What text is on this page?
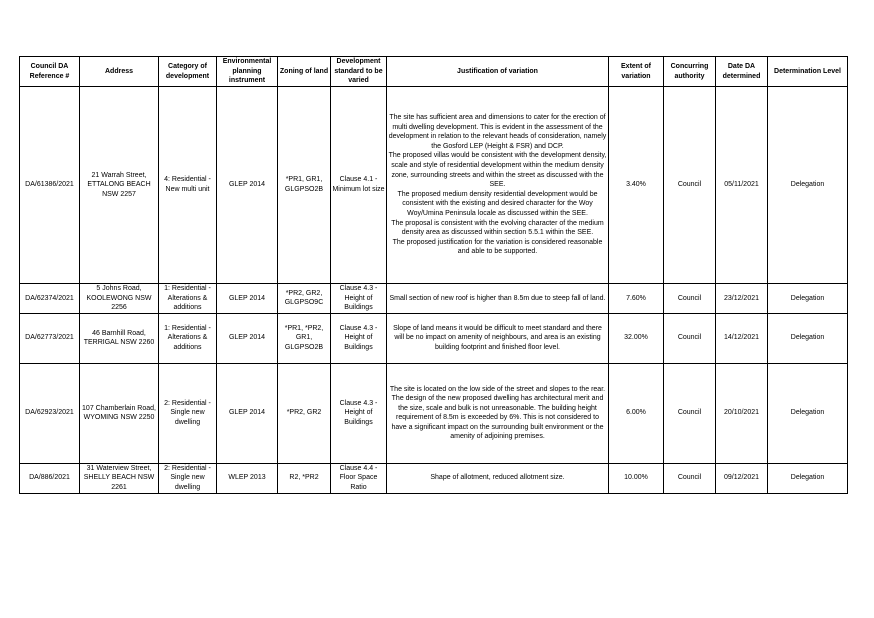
Council DA Reference #	Address	Category of development	Environmental planning instrument	Zoning of land	Development standard to be varied	Justification of variation	Extent of variation	Concurring authority	Date DA determined	Determination Level
DA/61386/2021	21 Warrah Street, ETTALONG BEACH NSW 2257	4: Residential - New multi unit	GLEP 2014	*PR1, GR1, GLGPSO2B	Clause 4.1 - Minimum lot size	The site has sufficient area and dimensions to cater for the erection of multi dwelling development. This is evident in the assessment of the development in relation to the relevant heads of consideration, namely the Gosford LEP (Height & FSR) and DCP.
The proposed villas would be consistent with the development density, scale and style of residential development within the medium density zone, surrounding streets and within the street as discussed with the SEE.
The proposed medium density residential development would be consistent with the existing and desired character for the Woy Woy/Umina Peninsula locale as discussed within the SEE.
The proposal is consistent with the evolving character of the medium density area as discussed within section 5.5.1 within the SEE.
The proposed justification for the variation is considered reasonable and able to be supported.	3.40%	Council	05/11/2021	Delegation
DA/62374/2021	5 Johns Road, KOOLEWONG NSW 2256	1: Residential - Alterations & additions	GLEP 2014	*PR2, GR2, GLGPSO9C	Clause 4.3 - Height of Buildings	Small section of new roof is higher than 8.5m due to steep fall of land.	7.60%	Council	23/12/2021	Delegation
DA/62773/2021	46 Barnhill Road, TERRIGAL NSW 2260	1: Residential - Alterations & additions	GLEP 2014	*PR1, *PR2, GR1, GLGPSO2B	Clause 4.3 - Height of Buildings	Slope of land means it would be difficult to meet standard and there will be no impact on amenity of neighbours, and area is an existing building footprint and finished floor level.	32.00%	Council	14/12/2021	Delegation
DA/62923/2021	107 Chamberlain Road, WYOMING NSW 2250	2: Residential - Single new dwelling	GLEP 2014	*PR2, GR2	Clause 4.3 - Height of Buildings	The site is located on the low side of the street and slopes to the rear. The design of the new proposed dwelling has architectural merit and the size, scale and bulk is not unreasonable. The building height requirement of 8.5m is exceeded by 6%. This is not considered to have a significant impact on the surrounding built environment or the amenity of adjoining premises.	6.00%	Council	20/10/2021	Delegation
DA/886/2021	31 Waterview Street, SHELLY BEACH NSW 2261	2: Residential - Single new dwelling	WLEP 2013	R2, *PR2	Clause 4.4 - Floor Space Ratio	Shape of allotment, reduced allotment size.	10.00%	Council	09/12/2021	Delegation
